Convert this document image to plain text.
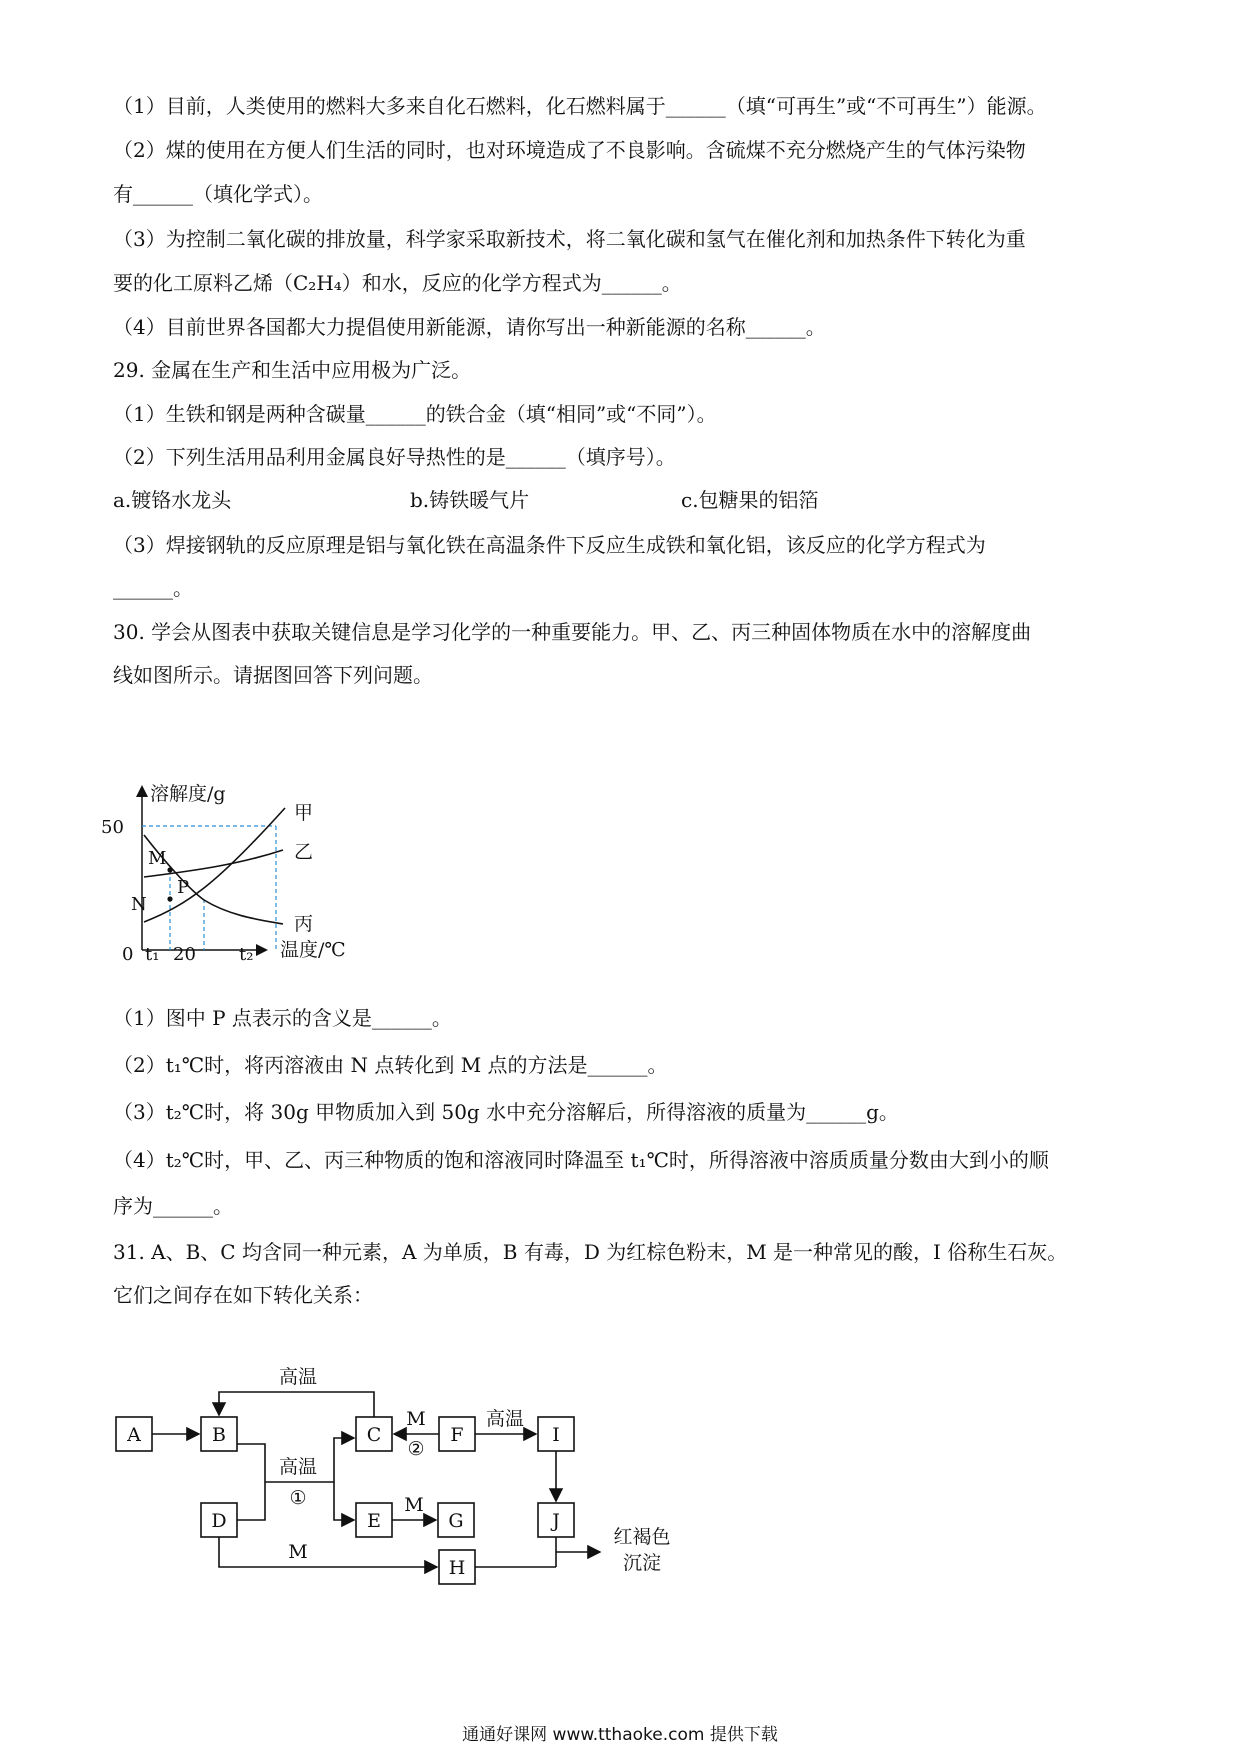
（1）目前，人类使用的燃料大多来自化石燃料，化石燃料属于______（填“可再生”或“不可再生”）能源。
（2）煤的使用在方便人们生活的同时，也对环境造成了不良影响。含硫煤不充分燃烧产生的气体污染物
有______（填化学式）。
（3）为控制二氧化碳的排放量，科学家采取新技术，将二氧化碳和氢气在催化剂和加热条件下转化为重
要的化工原料乙烯（C₂H₄）和水，反应的化学方程式为______。
（4）目前世界各国都大力提倡使用新能源，请你写出一种新能源的名称______。
29. 金属在生产和生活中应用极为广泛。
（1）生铁和钢是两种含碳量______的铁合金（填“相同”或“不同”）。
（2）下列生活用品利用金属良好导热性的是______（填序号）。
a.镀铬水龙头	b.铸铁暖气片	c.包糖果的铝箔
（3）焊接钢轨的反应原理是铝与氧化铁在高温条件下反应生成铁和氧化铝，该反应的化学方程式为
______。
30. 学会从图表中获取关键信息是学习化学的一种重要能力。甲、乙、丙三种固体物质在水中的溶解度曲
线如图所示。请据图回答下列问题。
溶解度/g
温度/℃
50
0 t₁ 20 t₂
甲
乙
丙
M
N
P
（1）图中 P 点表示的含义是______。
（2）t₁℃时，将丙溶液由 N 点转化到 M 点的方法是______。
（3）t₂℃时，将 30g 甲物质加入到 50g 水中充分溶解后，所得溶液的质量为______g。
（4）t₂℃时，甲、乙、丙三种物质的饱和溶液同时降温至 t₁℃时，所得溶液中溶质质量分数由大到小的顺
序为______。
31. A、B、C 均含同一种元素，A 为单质，B 有毒，D 为红棕色粉末，M 是一种常见的酸，I 俗称生石灰。
它们之间存在如下转化关系：
A	B	C
D	E
F
G
H
I
J
高温
高温
①
M
②
高温
M
M
红褐色
沉淀
通通好课网 www.tthaoke.com 提供下载
